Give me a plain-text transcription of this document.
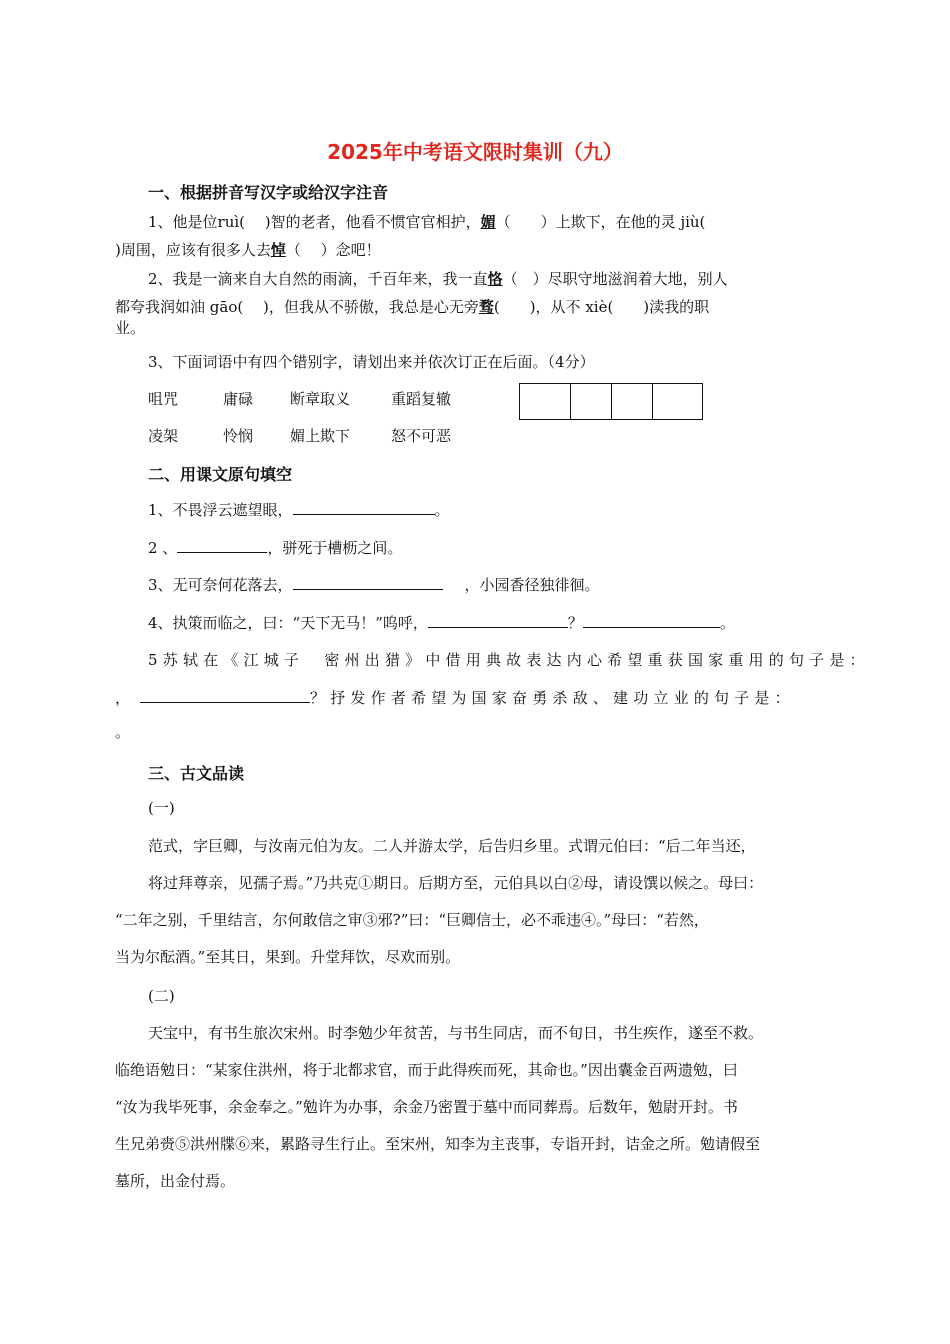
2025年中考语文限时集训（九）
一、根据拼音写汉字或给汉字注音
1、他是位ruì(　 )智的老者，他看不惯官官相护，媚（　　）上欺下，在他的灵 jiù(
)周围，应该有很多人去悼（　 ）念吧！
2、我是一滴来自大自然的雨滴，千百年来，我一直恪（　）尽职守地滋润着大地，别人
都夸我润如油 gāo(　 )，但我从不骄傲，我总是心无旁骛(　　)，从不 xiè(　　)渎我的职
业。
3、下面词语中有四个错别字，请划出来并依次订正在后面。（4分）
咀咒	庸碌 断章取义	重蹈复辙
凌架	怜悯 媚上欺下	怒不可恶
二、用课文原句填空
1、不畏浮云遮望眼，	。
2 、	，骈死于槽枥之间。
3、无可奈何花落去，	，小园香径独徘徊。
4、执策而临之，曰：“天下无马！”呜呼，	？	。
5苏轼在《江城子　密州出猎》中借用典故表达内心希望重获国家重用的句子是：
，	？抒发作者希望为国家奋勇杀敌、建功立业的句子是：
。
三、古文品读
(一)
范式，字巨卿，与汝南元伯为友。二人并游太学，后告归乡里。式谓元伯曰：“后二年当还，
将过拜尊亲，见孺子焉。”乃共克①期日。后期方至，元伯具以白②母，请设馔以候之。母曰：
“二年之别，千里结言，尔何敢信之审③邪?”曰：“巨卿信士，必不乖违④。”母曰：“若然，
当为尔酝酒。”至其日，果到。升堂拜饮，尽欢而别。
(二)
天宝中，有书生旅次宋州。时李勉少年贫苦，与书生同店，而不旬日，书生疾作，遂至不救。
临绝语勉日：“某家住洪州，将于北都求官，而于此得疾而死，其命也。”因出囊金百两遗勉，曰
“汝为我毕死事，余金奉之。”勉许为办事，余金乃密置于墓中而同葬焉。后数年，勉尉开封。书
生兄弟赍⑤洪州牒⑥来，累路寻生行止。至宋州，知李为主丧事，专诣开封，诘金之所。勉请假至
墓所，出金付焉。
